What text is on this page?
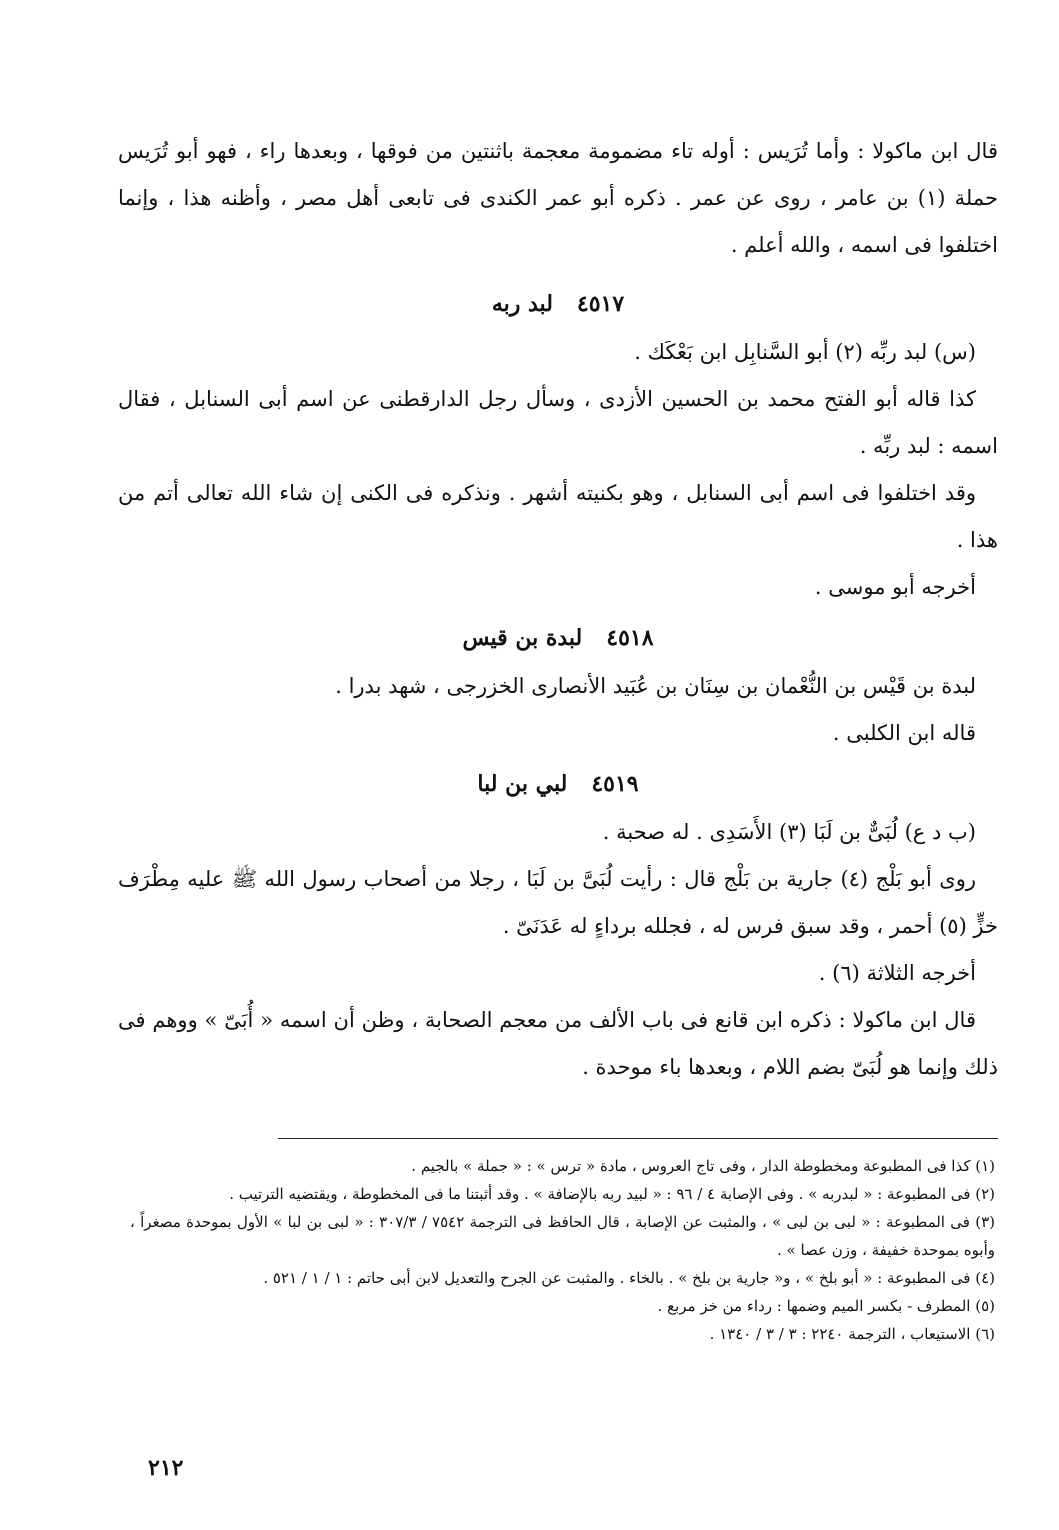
قال ابن ماكولا : وأما تُرَيس : أوله تاء مضمومة معجمة باثنتين من فوقها ، وبعدها راء ، فهو أبو تُرَيس حملة (١) بن عامر ، روى عن عمر . ذكره أبو عمر الكندى فى تابعى أهل مصر ، وأظنه هذا ، وإنما اختلفوا فى اسمه ، والله أعلم .

٤٥١٧لبد ربه

(س) لبد ربِّه (٢) أبو السَّنابِل ابن بَعْكَك .

كذا قاله أبو الفتح محمد بن الحسين الأزدى ، وسأل رجل الدارقطنى عن اسم أبى السنابل ، فقال اسمه : لبد ربِّه .

وقد اختلفوا فى اسم أبى السنابل ، وهو بكنيته أشهر . ونذكره فى الكنى إن شاء الله تعالى أتم من هذا .

أخرجه أبو موسى .

٤٥١٨لبدة بن قيس

لبدة بن قَيْس بن النُّعْمان بن سِنَان بن عُبَيد الأنصارى الخزرجى ، شهد بدرا .

قاله ابن الكلبى .

٤٥١٩لبي بن لبا

(ب د ع) لُبَىٌّ بن لَبَا (٣) الأَسَدِى . له صحبة .

روى أبو بَلْج (٤) جارية بن بَلْج قال : رأيت لُبَىَّ بن لَبَا ، رجلا من أصحاب رسول الله ﷺ عليه مِطْرَف خزٍّ (٥) أحمر ، وقد سبق فرس له ، فجلله برداءٍ له عَدَنَىّ .

أخرجه الثلاثة (٦) .

قال ابن ماكولا : ذكره ابن قانع فى باب الألف من معجم الصحابة ، وظن أن اسمه « أُبَىّ » ووهم فى ذلك وإنما هو لُبَىّ بضم اللام ، وبعدها باء موحدة .

(١) كذا فى المطبوعة ومخطوطة الدار ، وفى تاج العروس ، مادة « ترس » : « جملة » بالجيم .

(٢) فى المطبوعة : « لبدربه » . وفى الإصابة ٤ / ٩٦ : « لبيد ربه بالإضافة » . وقد أثبتنا ما فى المخطوطة ، ويقتضيه الترتيب .

(٣) فى المطبوعة : « لبى بن لبى » ، والمثبت عن الإصابة ، قال الحافظ فى الترجمة ٧٥٤٢ / ٣٠٧/٣ : « لبى بن لبا » الأول بموحدة مصغراً ، وأبوه بموحدة خفيفة ، وزن عصا » .

(٤) فى المطبوعة : « أبو بلخ » ، و« جارية بن بلخ » . بالخاء . والمثبت عن الجرح والتعديل لابن أبى حاتم : ١ / ١ / ٥٢١ .

(٥) المطرف - بكسر الميم وضمها : رداء من خز مربع .

(٦) الاستيعاب ، الترجمة ٢٢٤٠ : ٣ / ٣ / ١٣٤٠ .

٢١٢
